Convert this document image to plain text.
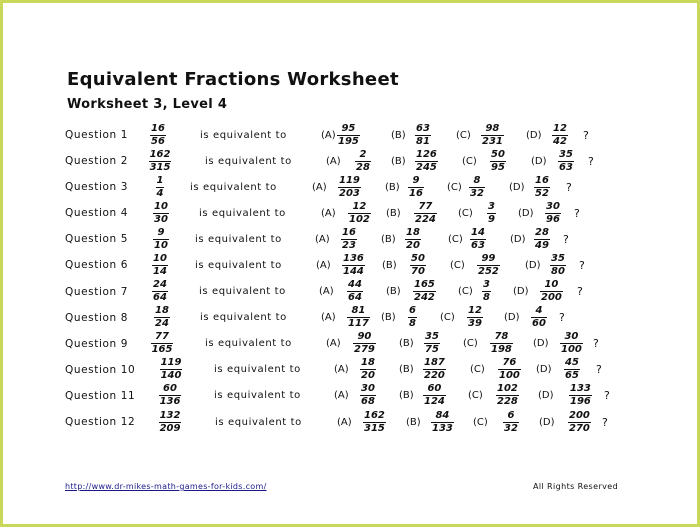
Equivalent Fractions Worksheet
Worksheet 3, Level 4
Question $1 \frac{16}{56}$	is equivalent to	$(A) \frac{95}{195}$	$(B) \frac{63}{81}$	$(C) \frac{98}{231} (D) \frac{12}{42}$ ?
Question $2 \frac{162}{315}$	is equivalent to	$(A) \frac{2}{28} (B) \frac{126}{245} (C) \frac{50}{95}$	$(D) \frac{35}{63}$ ?
Question 3	$\frac{1}{4}$	is equivalent to	$(A) \frac{119}{203} (B) \frac{9}{16} (C) \frac{8}{32} (D) \frac{16}{52}$ ?
Question 4	$\frac{10}{30}$	is equivalent to	$(A) \frac{12}{102} (B) \frac{77}{224} (C) \frac{3}{9} (D) \frac{30}{96}$ ?
Question 5	$\frac{9}{10}$	is equivalent to	$(A) \frac{16}{23} (B) \frac{18}{20}$	$(C) \frac{14}{63} (D) \frac{28}{49}$ ?
Question $6 \frac{10}{14}$	is equivalent to	$(A) \frac{136}{144} (B) \frac{50}{70} (C) \frac{99}{252}$	$(D) \frac{35}{80}$ ?
Question $7 \frac{24}{64}$	is equivalent to	$(A) \frac{44}{64} (B) \frac{165}{242} (C) \frac{3}{8} (D) \frac{10}{200}$ ?
Question 8	$\frac{18}{24}$	is equivalent to	$(A) \frac{81}{117} (B) \frac{6}{8} (C) \frac{12}{39} (D) \frac{4}{60}$ ?
Question $9 \frac{77}{165}$	is equivalent to	$(A) \frac{90}{279} (B) \frac{35}{75} (C) \frac{78}{198} (D) \frac{30}{100}$ ?
Question $10 \frac{119}{140}$	is equivalent to	$(A) \frac{18}{20} (B) \frac{187}{220} (C) \frac{76}{100} (D) \frac{45}{65}$ ?
Question $11 \frac{60}{136}$	is equivalent to	$(A) \frac{30}{68} (B) \frac{60}{124} (C) \frac{102}{228} (D) \frac{133}{196}$ ?
Question $12 \frac{132}{209}$	is equivalent to	$(A) \frac{162}{315} (B) \frac{84}{133} (C) \frac{6}{32} (D) \frac{200}{270}$ ?
http://www.dr-mikes-math-games-for-kids.com/	All Rights Reserved
